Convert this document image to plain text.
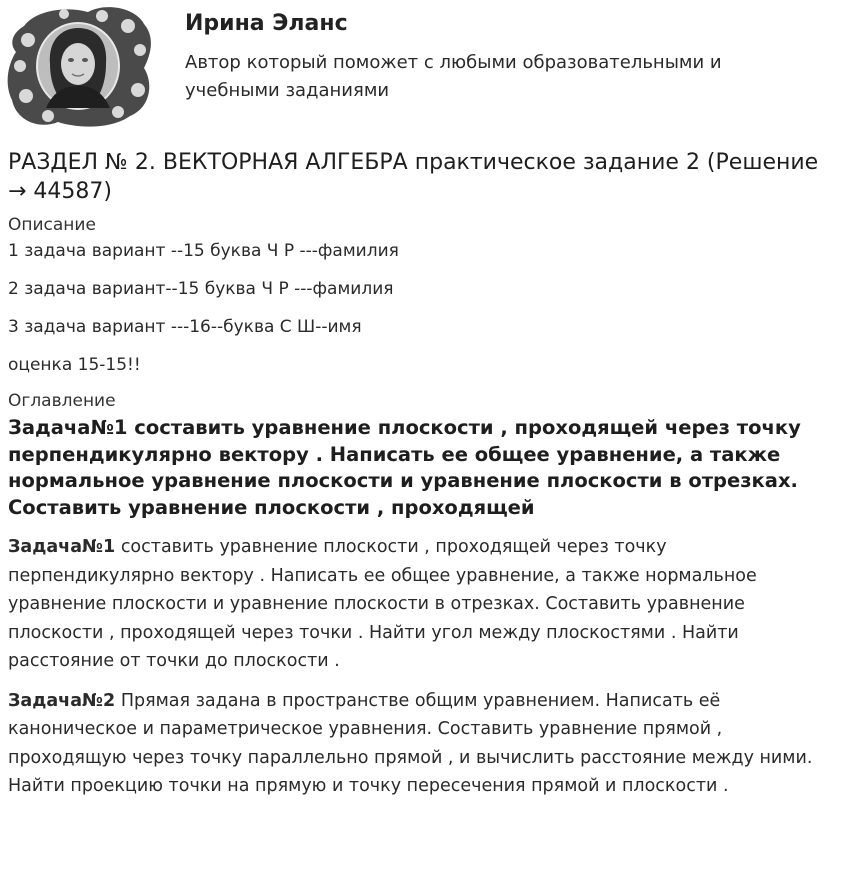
Ирина Эланс
Автор который поможет с любыми образовательными и учебными заданиями
РАЗДЕЛ № 2. ВЕКТОРНАЯ АЛГЕБРА практическое задание 2 (Решение → 44587)
Описание
1 задача вариант --15 буква Ч Р ---фамилия
2 задача вариант--15 буква Ч Р ---фамилия
3 задача вариант ---16--буква С Ш--имя
оценка 15-15!!
Оглавление
Задача№1 составить уравнение плоскости , проходящей через точку перпендикулярно вектору . Написать ее общее уравнение, а также нормальное уравнение плоскости и уравнение плоскости в отрезках. Составить уравнение плоскости , проходящей

Задача№1 составить уравнение плоскости , проходящей через точку перпендикулярно вектору . Написать ее общее уравнение, а также нормальное уравнение плоскости и уравнение плоскости в отрезках. Составить уравнение плоскости , проходящей через точки . Найти угол между плоскостями . Найти расстояние от точки до плоскости .

Задача№2 Прямая задана в пространстве общим уравнением. Написать её каноническое и параметрическое уравнения. Составить уравнение прямой , проходящую через точку параллельно прямой , и вычислить расстояние между ними. Найти проекцию точки на прямую и точку пересечения прямой и плоскости .
